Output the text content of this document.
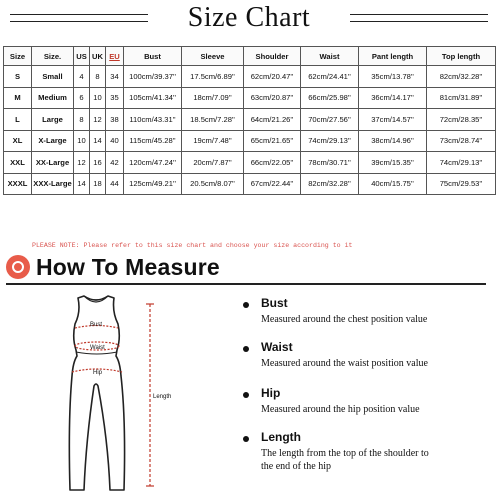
Size Chart
Size	Size.	US	UK	EU	Bust	Sleeve	Shoulder	Waist	Pant length	Top length
S	Small	4	8	34	100cm/39.37''	17.5cm/6.89''	62cm/20.47''	62cm/24.41''	35cm/13.78''	82cm/32.28''
M	Medium	6	10	35	105cm/41.34''	18cm/7.09''	63cm/20.87''	66cm/25.98''	36cm/14.17''	81cm/31.89''
L	Large	8	12	38	110cm/43.31''	18.5cm/7.28''	64cm/21.26''	70cm/27.56''	37cm/14.57''	72cm/28.35''
XL	X-Large	10	14	40	115cm/45.28''	19cm/7.48''	65cm/21.65''	74cm/29.13''	38cm/14.96''	73cm/28.74''
XXL	XX-Large	12	16	42	120cm/47.24''	20cm/7.87''	66cm/22.05''	78cm/30.71''	39cm/15.35''	74cm/29.13''
XXXL	XXX-Large	14	18	44	125cm/49.21''	20.5cm/8.07''	67cm/22.44''	82cm/32.28''	40cm/15.75''	75cm/29.53''
PLEASE NOTE: Please refer to this size chart and choose your size according to it
How To Measure
Bust
Waist
Hip
Length
Bust
Measured around the chest position value
Waist
Measured around the waist position value
Hip
Measured around the hip position value
Length
The length from the top of the shoulder to
the end of the hip
